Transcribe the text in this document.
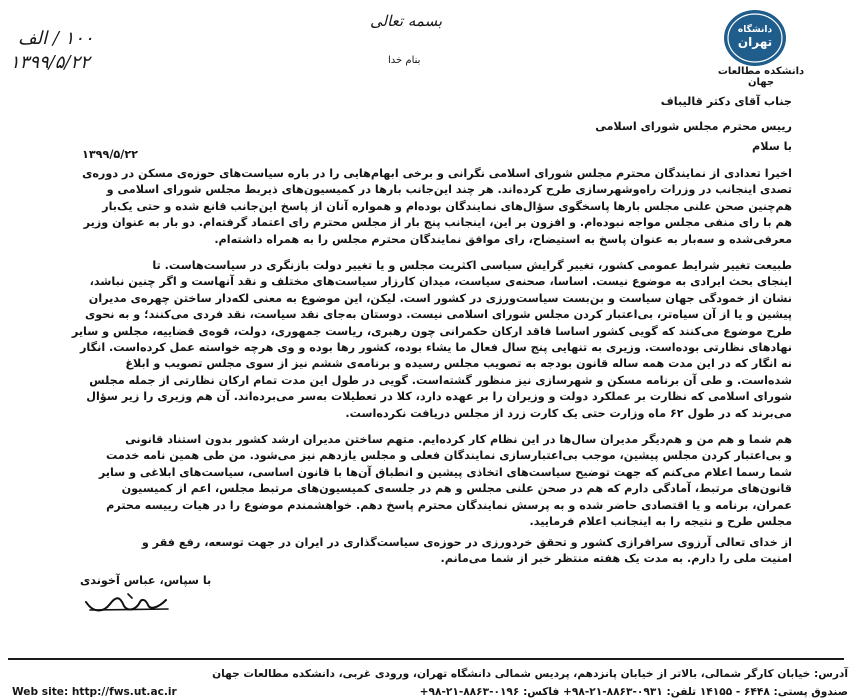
دانشگاه
تهران
دانشکده مطالعات جهان
بسمه تعالی
بنام خدا
۱۰۰ / الف
۱۳۹۹/۵/۲۲
جناب آقای دکتر قالیباف
رییس محترم مجلس شورای اسلامی
با سلام
۱۳۹۹/۵/۲۲
اخیرا تعدادی از نمایندگان محترم مجلس شورای اسلامی نگرانی و برخی ابهام‌هایی را در باره سیاست‌های حوزه‌ی مسکن در دوره‌ی
تصدی اینجانب در وزرات راه‌وشهرسازی طرح کرده‌اند. هر چند این‌جانب بارها در کمیسیون‌های ذیربط مجلس شورای اسلامی و
هم‌چنین صحن علنی مجلس بارها پاسخگوی سؤال‌های نمایندگان بوده‌ام و همواره آنان از پاسخ این‌جانب قانع شده و حتی یک‌بار
هم با رای منفی مجلس مواجه نبوده‌ام. و افزون بر این، اینجانب پنج بار از مجلس محترم رای اعتماد گرفته‌ام. دو بار به عنوان وزیر
معرفی‌شده و سه‌بار به عنوان پاسخ به استیضاح، رای موافق نمایندگان محترم مجلس را به همراه داشته‌ام.
طبیعت تغییر شرایط عمومی کشور، تغییر گرایش سیاسی اکثریت مجلس و یا تغییر دولت بازنگری در سیاست‌هاست. تا
اینجای بحث ایرادی به موضوع نیست. اساسا، صحنه‌ی سیاست، میدان کارزار سیاست‌های مختلف و نقد آنهاست و اگر چنین نباشد،
نشان از خمودگی جهان سیاست و بن‌بست سیاست‌ورزی در کشور است. لیکن، این موضوع به معنی لکه‌دار ساختن چهره‌ی مدیران
پیشین و یا از آن سیاه‌تر، بی‌اعتبار کردن مجلس شورای اسلامی نیست. دوستان به‌جای نقد سیاست، نقد فردی می‌کنند؛ و به نحوی
طرح موضوع می‌کنند که گویی کشور اساسا فاقد ارکان حکمرانی چون رهبری، ریاست جمهوری، دولت، قوه‌ی قضاییه، مجلس و سایر
نهادهای نظارتی بوده‌است. وزیری به تنهایی پنج سال فعال ما یشاء بوده، کشور رها بوده و وی هرچه خواسته عمل کرده‌است. انگار
نه انگار که در این مدت همه ساله قانون بودجه به تصویب مجلس رسیده و برنامه‌ی ششم نیز از سوی مجلس تصویب و ابلاغ
شده‌است. و طی آن برنامه مسکن و شهرسازی نیز منظور گشته‌است. گویی در طول این مدت تمام ارکان نظارتی از جمله مجلس
شورای اسلامی که نظارت بر عملکرد دولت و وزیران را بر عهده دارد، کلا در تعطیلات به‌سر می‌برده‌اند. آن هم وزیری را زیر سؤال
می‌برند که در طول ۶۲ ماه وزارت حتی یک کارت زرد از مجلس دریافت نکرده‌است.
هم شما و هم من و هم‌دیگر مدیران سال‌ها در این نظام کار کرده‌ایم. متهم ساختن مدیران ارشد کشور بدون استناد قانونی
و بی‌اعتبار کردن مجلس پیشین، موجب بی‌اعتبارسازی نمایندگان فعلی و مجلس یازدهم نیز می‌شود. من طی همین نامه خدمت
شما رسما اعلام می‌کنم که جهت توضیح سیاست‌های اتخاذی پیشین و انطباق آن‌ها با قانون اساسی، سیاست‌های ابلاغی و سایر
قانون‌های مرتبط، آمادگی دارم که هم در صحن علنی مجلس و هم در جلسه‌ی کمیسیون‌های مرتبط مجلس، اعم از کمیسیون
عمران، برنامه و یا اقتصادی حاضر شده و به پرسش نمایندگان محترم پاسخ دهم. خواهشمندم موضوع را در هیات رییسه محترم
مجلس طرح و نتیجه را به اینجانب اعلام فرمایید.
از خدای تعالی آرزوی سرافرازی کشور و تحقق خردورزی در حوزه‌ی سیاست‌گذاری در ایران در جهت توسعه، رفع فقر و
امنیت ملی را دارم. به مدت یک هفته منتظر خبر از شما می‌مانم.
با سپاس، عباس آخوندی
آدرس: خیابان کارگر شمالی، بالاتر از خیابان پانزدهم، پردیس شمالی دانشگاه تهران، ورودی غربی، دانشکده مطالعات جهان
صندوق پستی: ۶۴۴۸ - ۱۴۱۵۵ تلفن: ۰۹۳۱-۸۸۶۳-۲۱-۹۸+ فاکس: ۰۱۹۶-۸۸۶۳-۲۱-۹۸+
Web site: http://fws.ut.ac.ir
